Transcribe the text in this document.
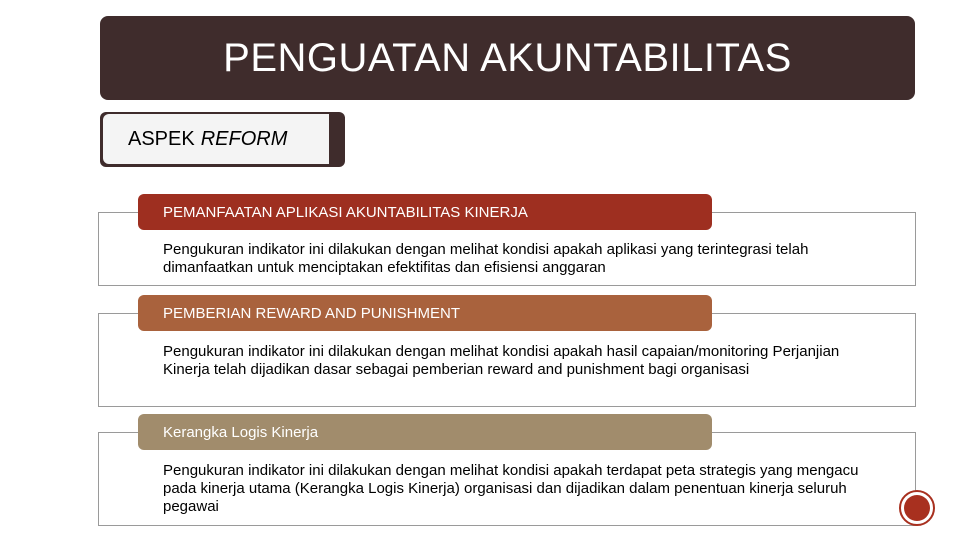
PENGUATAN AKUNTABILITAS
ASPEK REFORM
PEMANFAATAN APLIKASI AKUNTABILITAS KINERJA
Pengukuran indikator ini dilakukan dengan melihat kondisi apakah aplikasi yang terintegrasi telah dimanfaatkan untuk menciptakan efektifitas dan efisiensi anggaran
PEMBERIAN REWARD AND PUNISHMENT
Pengukuran indikator ini dilakukan dengan melihat kondisi apakah hasil capaian/monitoring Perjanjian Kinerja telah dijadikan dasar sebagai pemberian reward and punishment bagi organisasi
Kerangka Logis Kinerja
Pengukuran indikator ini dilakukan dengan melihat kondisi apakah terdapat peta strategis yang mengacu pada kinerja utama (Kerangka Logis Kinerja) organisasi dan dijadikan dalam penentuan kinerja seluruh pegawai
